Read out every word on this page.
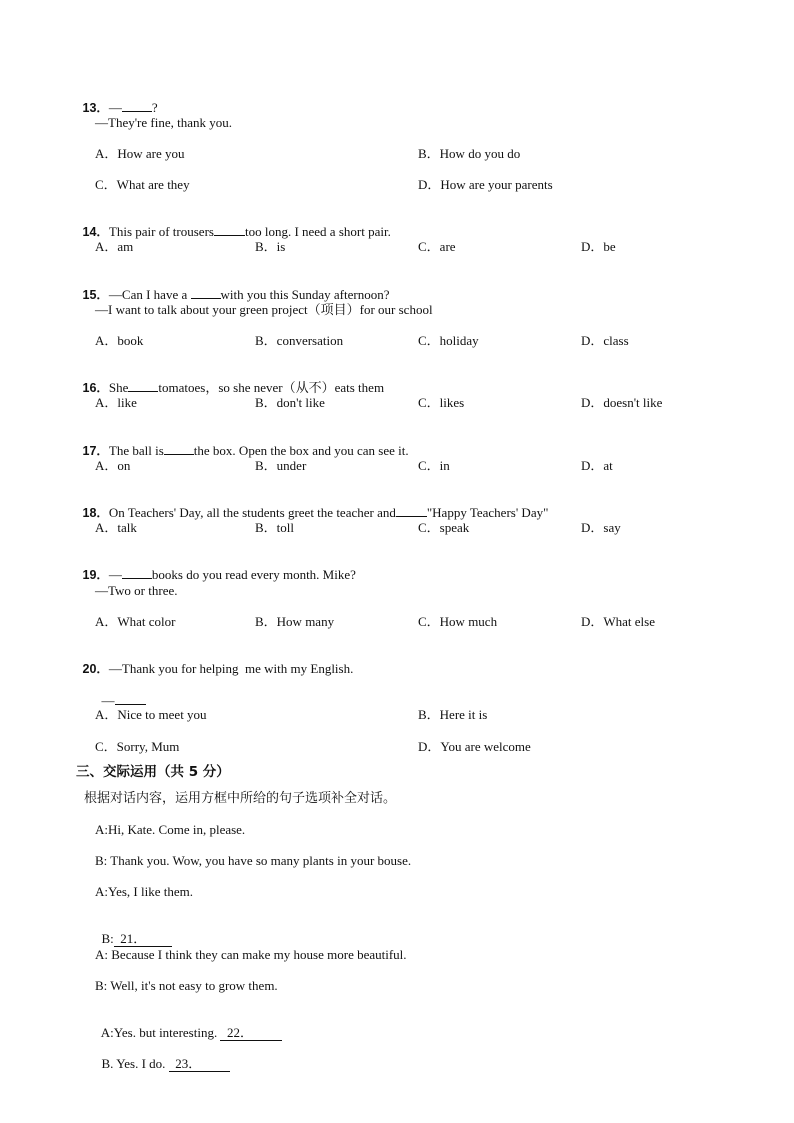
13．— ?

—They're fine, thank you.
A．How are you	B．How do you do
C．What are they	D．How are your parents

14．This pair of trousers too long. I need a short pair.

A．am	B．is	C．are	D．be

15．—Can I have a with you this Sunday afternoon?

—I want to talk about your green project（项目）for our school
A．book	B．conversation	C．holiday	D．class

16．She tomatoes，so she never（从不）eats them

A．like	B．don't like	C．likes	D．doesn't like

17．The ball is the box. Open the box and you can see it.

A．on	B．under	C．in	D．at

18．On Teachers' Day, all the students greet the teacher and "Happy Teachers' Day"

A．talk	B．toll	C．speak	D．say

19．— books do you read every month. Mike?

—Two or three.
A．What color	B．How many	C．How much	D．What else

20．—Thank you for helping  me with my English.

—

A．Nice to meet you	B．Here it is
C．Sorry, Mum	D．You are welcome
三、交际运用（共 5 分）
根据对话内容，运用方框中所给的句子选项补全对话。
A:Hi, Kate. Come in, please.
B: Thank you. Wow, you have so many plants in your bouse.
A:Yes, I like them.

B:  21．

A: Because I think they can make my house more beautiful.
B: Well, it's not easy to grow them.

A:Yes. but interesting.   22．

B. Yes. I do.   23．
